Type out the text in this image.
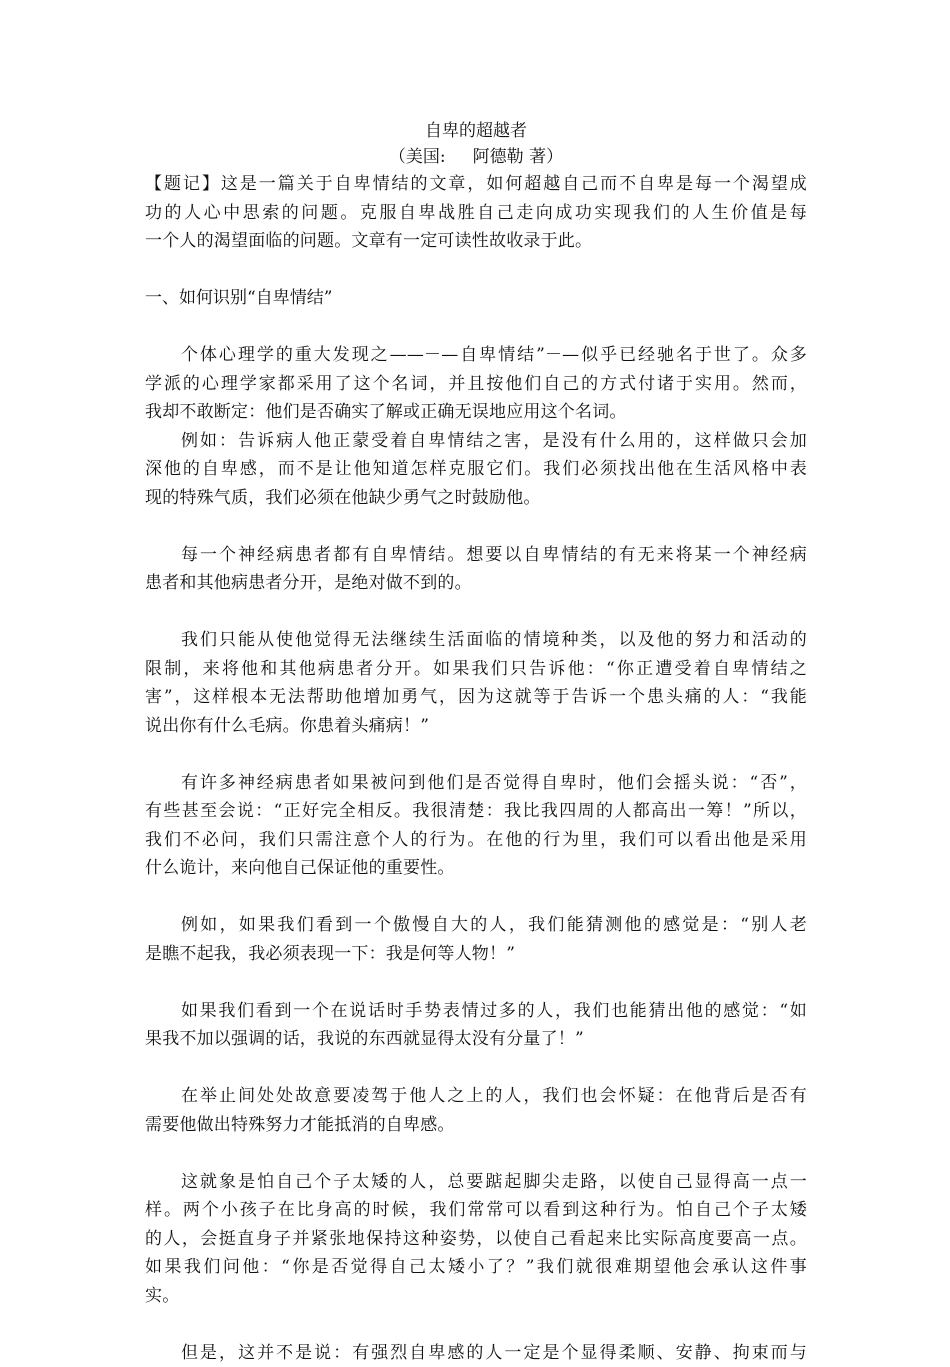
自卑的超越者

（美国:     阿德勒 著）

【题记】这是一篇关于自卑情结的文章，如何超越自己而不自卑是每一个渴望成

功的人心中思索的问题。克服自卑战胜自己走向成功实现我们的人生价值是每

一个人的渴望面临的问题。文章有一定可读性故收录于此。

一、如何识别“自卑情结”

个体心理学的重大发现之——－—自卑情结”－—似乎已经驰名于世了。众多

学派的心理学家都采用了这个名词，并且按他们自己的方式付诸于实用。然而，

我却不敢断定：他们是否确实了解或正确无误地应用这个名词。

例如：告诉病人他正蒙受着自卑情结之害，是没有什么用的，这样做只会加

深他的自卑感，而不是让他知道怎样克服它们。我们必须找出他在生活风格中表

现的特殊气质，我们必须在他缺少勇气之时鼓励他。

每一个神经病患者都有自卑情结。想要以自卑情结的有无来将某一个神经病

患者和其他病患者分开，是绝对做不到的。

我们只能从使他觉得无法继续生活面临的情境种类，以及他的努力和活动的

限制，来将他和其他病患者分开。如果我们只告诉他：“你正遭受着自卑情结之

害”，这样根本无法帮助他增加勇气，因为这就等于告诉一个患头痛的人：“我能

说出你有什么毛病。你患着头痛病！”

有许多神经病患者如果被问到他们是否觉得自卑时，他们会摇头说：“否”，

有些甚至会说：“正好完全相反。我很清楚：我比我四周的人都高出一筹！”所以，

我们不必问，我们只需注意个人的行为。在他的行为里，我们可以看出他是采用

什么诡计，来向他自己保证他的重要性。

例如，如果我们看到一个傲慢自大的人，我们能猜测他的感觉是：“别人老

是瞧不起我，我必须表现一下：我是何等人物！”

如果我们看到一个在说话时手势表情过多的人，我们也能猜出他的感觉：“如

果我不加以强调的话，我说的东西就显得太没有分量了！”

在举止间处处故意要凌驾于他人之上的人，我们也会怀疑：在他背后是否有

需要他做出特殊努力才能抵消的自卑感。

这就象是怕自己个子太矮的人，总要踮起脚尖走路，以使自己显得高一点一

样。两个小孩子在比身高的时候，我们常常可以看到这种行为。怕自己个子太矮

的人，会挺直身子并紧张地保持这种姿势，以使自己看起来比实际高度要高一点。

如果我们问他：“你是否觉得自己太矮小了？”我们就很难期望他会承认这件事

实。

但是，这并不是说：有强烈自卑感的人一定是个显得柔顺、安静、拘束而与
